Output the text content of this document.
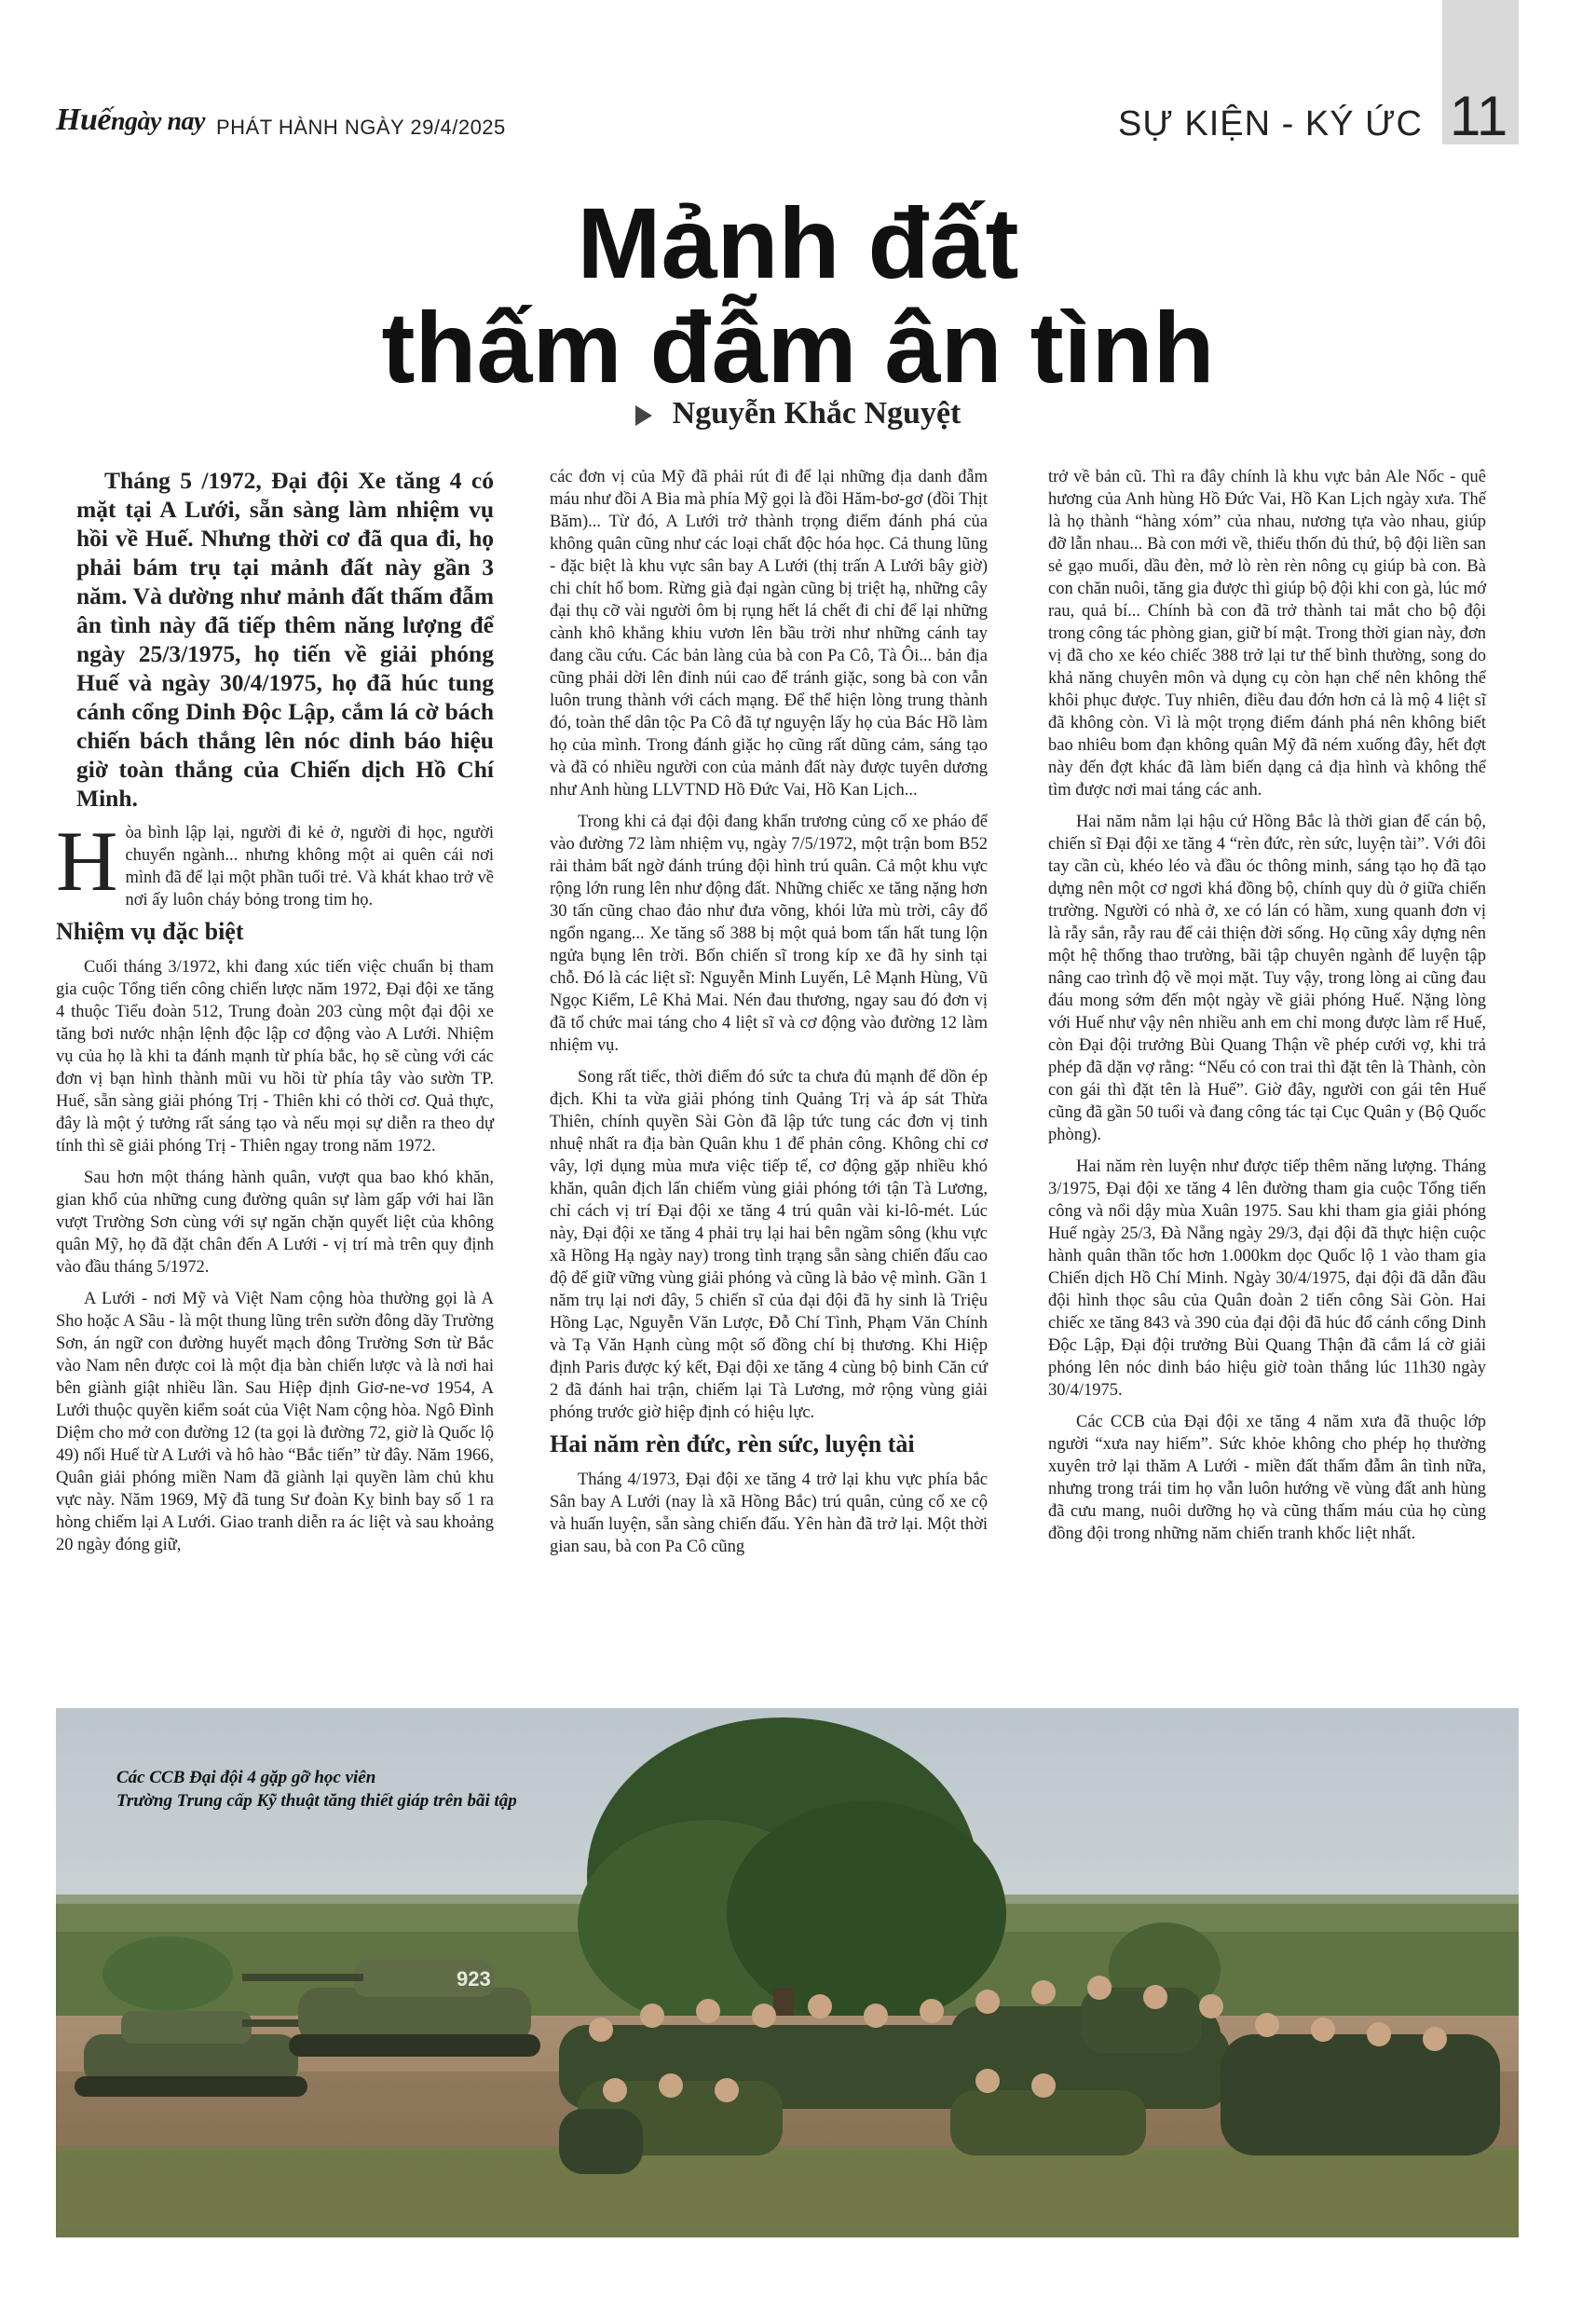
Huếngày nay PHÁT HÀNH NGÀY 29/4/2025	SỰ KIỆN - KÝ ỨC 11
Mảnh đất
thấm đẫm ân tình
Nguyễn Khắc Nguyệt

Tháng 5 /1972, Đại đội Xe tăng 4 có mặt tại A Lưới, sẵn sàng làm nhiệm vụ hồi về Huế. Nhưng thời cơ đã qua đi, họ phải bám trụ tại mảnh đất này gần 3 năm. Và dường như mảnh đất thấm đẫm ân tình này đã tiếp thêm năng lượng để ngày 25/3/1975, họ tiến về giải phóng Huế và ngày 30/4/1975, họ đã húc tung cánh cổng Dinh Độc Lập, cắm lá cờ bách chiến bách thắng lên nóc dinh báo hiệu giờ toàn thắng của Chiến dịch Hồ Chí Minh.

Hòa bình lập lại, người đi kẻ ở, người đi học, người chuyển ngành... nhưng không một ai quên cái nơi mình đã để lại một phần tuổi trẻ. Và khát khao trở về nơi ấy luôn cháy bỏng trong tim họ.

Nhiệm vụ đặc biệt

Cuối tháng 3/1972, khi đang xúc tiến việc chuẩn bị tham gia cuộc Tổng tiến công chiến lược năm 1972, Đại đội xe tăng 4 thuộc Tiểu đoàn 512, Trung đoàn 203 cùng một đại đội xe tăng bơi nước nhận lệnh độc lập cơ động vào A Lưới. Nhiệm vụ của họ là khi ta đánh mạnh từ phía bắc, họ sẽ cùng với các đơn vị bạn hình thành mũi vu hồi từ phía tây vào sườn TP. Huế, sẵn sàng giải phóng Trị - Thiên khi có thời cơ. Quả thực, đây là một ý tưởng rất sáng tạo và nếu mọi sự diễn ra theo dự tính thì sẽ giải phóng Trị - Thiên ngay trong năm 1972.

Sau hơn một tháng hành quân, vượt qua bao khó khăn, gian khổ của những cung đường quân sự làm gấp với hai lần vượt Trường Sơn cùng với sự ngăn chặn quyết liệt của không quân Mỹ, họ đã đặt chân đến A Lưới - vị trí mà trên quy định vào đầu tháng 5/1972.

A Lưới - nơi Mỹ và Việt Nam cộng hòa thường gọi là A Sho hoặc A Sầu - là một thung lũng trên sườn đông dãy Trường Sơn, án ngữ con đường huyết mạch đông Trường Sơn từ Bắc vào Nam nên được coi là một địa bàn chiến lược và là nơi hai bên giành giật nhiều lần. Sau Hiệp định Giơ-ne-vơ 1954, A Lưới thuộc quyền kiểm soát của Việt Nam cộng hòa. Ngô Đình Diệm cho mở con đường 12 (ta gọi là đường 72, giờ là Quốc lộ 49) nối Huế từ A Lưới và hô hào “Bắc tiến” từ đây. Năm 1966, Quân giải phóng miền Nam đã giành lại quyền làm chủ khu vực này. Năm 1969, Mỹ đã tung Sư đoàn Kỵ binh bay số 1 ra hòng chiếm lại A Lưới. Giao tranh diễn ra ác liệt và sau khoảng 20 ngày đóng giữ,

các đơn vị của Mỹ đã phải rút đi để lại những địa danh đẫm máu như đồi A Bia mà phía Mỹ gọi là đồi Hăm-bơ-gơ (đồi Thịt Băm)... Từ đó, A Lưới trở thành trọng điểm đánh phá của không quân cũng như các loại chất độc hóa học. Cả thung lũng - đặc biệt là khu vực sân bay A Lưới (thị trấn A Lưới bây giờ) chi chít hố bom. Rừng già đại ngàn cũng bị triệt hạ, những cây đại thụ cỡ vài người ôm bị rụng hết lá chết đi chỉ để lại những cành khô khẳng khiu vươn lên bầu trời như những cánh tay đang cầu cứu. Các bản làng của bà con Pa Cô, Tà Ôi... bản địa cũng phải dời lên đỉnh núi cao để tránh giặc, song bà con vẫn luôn trung thành với cách mạng. Để thể hiện lòng trung thành đó, toàn thể dân tộc Pa Cô đã tự nguyện lấy họ của Bác Hồ làm họ của mình. Trong đánh giặc họ cũng rất dũng cảm, sáng tạo và đã có nhiều người con của mảnh đất này được tuyên dương như Anh hùng LLVTND Hồ Đức Vai, Hồ Kan Lịch...

Trong khi cả đại đội đang khẩn trương củng cố xe pháo để vào đường 72 làm nhiệm vụ, ngày 7/5/1972, một trận bom B52 rải thảm bất ngờ đánh trúng đội hình trú quân. Cả một khu vực rộng lớn rung lên như động đất. Những chiếc xe tăng nặng hơn 30 tấn cũng chao đảo như đưa võng, khói lửa mù trời, cây đổ ngổn ngang... Xe tăng số 388 bị một quả bom tấn hất tung lộn ngửa bụng lên trời. Bốn chiến sĩ trong kíp xe đã hy sinh tại chỗ. Đó là các liệt sĩ: Nguyễn Minh Luyến, Lê Mạnh Hùng, Vũ Ngọc Kiểm, Lê Khả Mai. Nén đau thương, ngay sau đó đơn vị đã tổ chức mai táng cho 4 liệt sĩ và cơ động vào đường 12 làm nhiệm vụ.

Song rất tiếc, thời điểm đó sức ta chưa đủ mạnh để dồn ép địch. Khi ta vừa giải phóng tỉnh Quảng Trị và áp sát Thừa Thiên, chính quyền Sài Gòn đã lập tức tung các đơn vị tinh nhuệ nhất ra địa bàn Quân khu 1 để phản công. Không chỉ cơ vây, lợi dụng mùa mưa việc tiếp tế, cơ động gặp nhiều khó khăn, quân địch lấn chiếm vùng giải phóng tới tận Tà Lương, chỉ cách vị trí Đại đội xe tăng 4 trú quân vài ki-lô-mét. Lúc này, Đại đội xe tăng 4 phải trụ lại hai bên ngầm sông (khu vực xã Hồng Hạ ngày nay) trong tình trạng sẵn sàng chiến đấu cao độ để giữ vững vùng giải phóng và cũng là bảo vệ mình. Gần 1 năm trụ lại nơi đây, 5 chiến sĩ của đại đội đã hy sinh là Triệu Hồng Lạc, Nguyễn Văn Lược, Đỗ Chí Tình, Phạm Văn Chính và Tạ Văn Hạnh cùng một số đồng chí bị thương. Khi Hiệp định Paris được ký kết, Đại đội xe tăng 4 cùng bộ binh Căn cứ 2 đã đánh hai trận, chiếm lại Tà Lương, mở rộng vùng giải phóng trước giờ hiệp định có hiệu lực.

Hai năm rèn đức, rèn sức, luyện tài

Tháng 4/1973, Đại đội xe tăng 4 trở lại khu vực phía bắc Sân bay A Lưới (nay là xã Hồng Bắc) trú quân, củng cố xe cộ và huấn luyện, sẵn sàng chiến đấu. Yên hàn đã trở lại. Một thời gian sau, bà con Pa Cô cũng

trở về bản cũ. Thì ra đây chính là khu vực bản Ale Nốc - quê hương của Anh hùng Hồ Đức Vai, Hồ Kan Lịch ngày xưa. Thế là họ thành “hàng xóm” của nhau, nương tựa vào nhau, giúp đỡ lẫn nhau... Bà con mới về, thiếu thốn đủ thứ, bộ đội liền san sẻ gạo muối, dầu đèn, mở lò rèn rèn nông cụ giúp bà con. Bà con chăn nuôi, tăng gia được thì giúp bộ đội khi con gà, lúc mớ rau, quả bí... Chính bà con đã trở thành tai mắt cho bộ đội trong công tác phòng gian, giữ bí mật. Trong thời gian này, đơn vị đã cho xe kéo chiếc 388 trở lại tư thế bình thường, song do khả năng chuyên môn và dụng cụ còn hạn chế nên không thể khôi phục được. Tuy nhiên, điều đau đớn hơn cả là mộ 4 liệt sĩ đã không còn. Vì là một trọng điểm đánh phá nên không biết bao nhiêu bom đạn không quân Mỹ đã ném xuống đây, hết đợt này đến đợt khác đã làm biến dạng cả địa hình và không thể tìm được nơi mai táng các anh.

Hai năm nằm lại hậu cứ Hồng Bắc là thời gian để cán bộ, chiến sĩ Đại đội xe tăng 4 “rèn đức, rèn sức, luyện tài”. Với đôi tay cần cù, khéo léo và đầu óc thông minh, sáng tạo họ đã tạo dựng nên một cơ ngơi khá đồng bộ, chính quy dù ở giữa chiến trường. Người có nhà ở, xe có lán có hầm, xung quanh đơn vị là rẫy sắn, rẫy rau để cải thiện đời sống. Họ cũng xây dựng nên một hệ thống thao trường, bãi tập chuyên ngành để luyện tập nâng cao trình độ về mọi mặt. Tuy vậy, trong lòng ai cũng đau đáu mong sớm đến một ngày về giải phóng Huế. Nặng lòng với Huế như vậy nên nhiều anh em chỉ mong được làm rể Huế, còn Đại đội trưởng Bùi Quang Thận về phép cưới vợ, khi trả phép đã dặn vợ rằng: “Nếu có con trai thì đặt tên là Thành, còn con gái thì đặt tên là Huế”. Giờ đây, người con gái tên Huế cũng đã gần 50 tuổi và đang công tác tại Cục Quân y (Bộ Quốc phòng).

Hai năm rèn luyện như được tiếp thêm năng lượng. Tháng 3/1975, Đại đội xe tăng 4 lên đường tham gia cuộc Tổng tiến công và nổi dậy mùa Xuân 1975. Sau khi tham gia giải phóng Huế ngày 25/3, Đà Nẵng ngày 29/3, đại đội đã thực hiện cuộc hành quân thần tốc hơn 1.000km dọc Quốc lộ 1 vào tham gia Chiến dịch Hồ Chí Minh. Ngày 30/4/1975, đại đội đã dẫn đầu đội hình thọc sâu của Quân đoàn 2 tiến công Sài Gòn. Hai chiếc xe tăng 843 và 390 của đại đội đã húc đổ cánh cổng Dinh Độc Lập, Đại đội trưởng Bùi Quang Thận đã cắm lá cờ giải phóng lên nóc dinh báo hiệu giờ toàn thắng lúc 11h30 ngày 30/4/1975.

Các CCB của Đại đội xe tăng 4 năm xưa đã thuộc lớp người “xưa nay hiếm”. Sức khỏe không cho phép họ thường xuyên trở lại thăm A Lưới - miền đất thấm đẫm ân tình nữa, nhưng trong trái tim họ vẫn luôn hướng về vùng đất anh hùng đã cưu mang, nuôi dưỡng họ và cũng thấm máu của họ cùng đồng đội trong những năm chiến tranh khốc liệt nhất.

923
Các CCB Đại đội 4 gặp gỡ học viên
Trường Trung cấp Kỹ thuật tăng thiết giáp trên bãi tập
